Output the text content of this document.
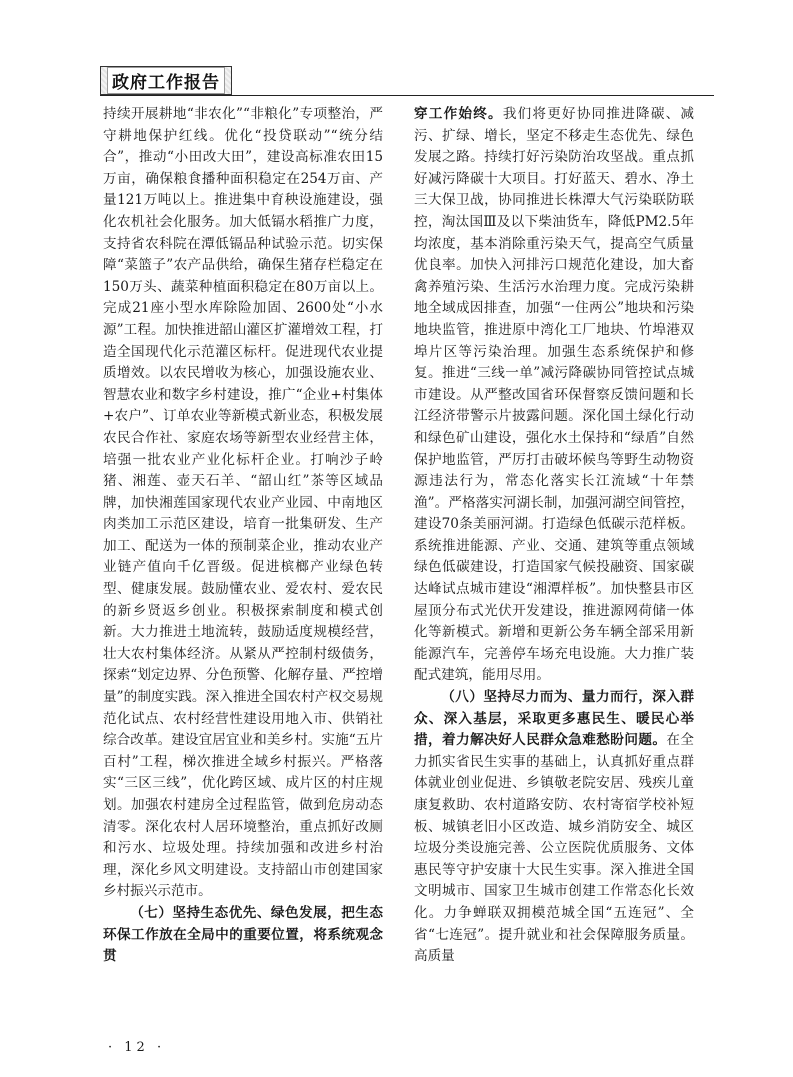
政府工作报告

持续开展耕地“非农化”“非粮化”专项整治，严守耕地保护红线。优化“投贷联动”“统分结合”，推动“小田改大田”，建设高标准农田15万亩，确保粮食播种面积稳定在254万亩、产量121万吨以上。推进集中育秧设施建设，强化农机社会化服务。加大低镉水稻推广力度，支持省农科院在潭低镉品种试验示范。切实保障“菜篮子”农产品供给，确保生猪存栏稳定在150万头、蔬菜种植面积稳定在80万亩以上。完成21座小型水库除险加固、2600处“小水源”工程。加快推进韶山灌区扩灌增效工程，打造全国现代化示范灌区标杆。促进现代农业提质增效。以农民增收为核心，加强设施农业、智慧农业和数字乡村建设，推广“企业+村集体+农户”、订单农业等新模式新业态，积极发展农民合作社、家庭农场等新型农业经营主体，培强一批农业产业化标杆企业。打响沙子岭猪、湘莲、壶天石羊、“韶山红”茶等区域品牌，加快湘莲国家现代农业产业园、中南地区肉类加工示范区建设，培育一批集研发、生产加工、配送为一体的预制菜企业，推动农业产业链产值向千亿晋级。促进槟榔产业绿色转型、健康发展。鼓励懂农业、爱农村、爱农民的新乡贤返乡创业。积极探索制度和模式创新。大力推进土地流转，鼓励适度规模经营，壮大农村集体经济。从紧从严控制村级债务，探索“划定边界、分色预警、化解存量、严控增量”的制度实践。深入推进全国农村产权交易规范化试点、农村经营性建设用地入市、供销社综合改革。建设宜居宜业和美乡村。实施“五片百村”工程，梯次推进全域乡村振兴。严格落实“三区三线”，优化跨区域、成片区的村庄规划。加强农村建房全过程监管，做到危房动态清零。深化农村人居环境整治，重点抓好改厕和污水、垃圾处理。持续加强和改进乡村治理，深化乡风文明建设。支持韶山市创建国家乡村振兴示范市。

（七）坚持生态优先、绿色发展，把生态环保工作放在全局中的重要位置，将系统观念贯

穿工作始终。我们将更好协同推进降碳、减污、扩绿、增长，坚定不移走生态优先、绿色发展之路。持续打好污染防治攻坚战。重点抓好减污降碳十大项目。打好蓝天、碧水、净土三大保卫战，协同推进长株潭大气污染联防联控，淘汰国Ⅲ及以下柴油货车，降低PM2.5年均浓度，基本消除重污染天气，提高空气质量优良率。加快入河排污口规范化建设，加大畜禽养殖污染、生活污水治理力度。完成污染耕地全域成因排查，加强“一住两公”地块和污染地块监管，推进原中湾化工厂地块、竹埠港双埠片区等污染治理。加强生态系统保护和修复。推进“三线一单”减污降碳协同管控试点城市建设。从严整改国省环保督察反馈问题和长江经济带警示片披露问题。深化国土绿化行动和绿色矿山建设，强化水土保持和“绿盾”自然保护地监管，严厉打击破坏候鸟等野生动物资源违法行为，常态化落实长江流域“十年禁渔”。严格落实河湖长制，加强河湖空间管控，建设70条美丽河湖。打造绿色低碳示范样板。系统推进能源、产业、交通、建筑等重点领域绿色低碳建设，打造国家气候投融资、国家碳达峰试点城市建设“湘潭样板”。加快整县市区屋顶分布式光伏开发建设，推进源网荷储一体化等新模式。新增和更新公务车辆全部采用新能源汽车，完善停车场充电设施。大力推广装配式建筑，能用尽用。

（八）坚持尽力而为、量力而行，深入群众、深入基层，采取更多惠民生、暖民心举措，着力解决好人民群众急难愁盼问题。在全力抓实省民生实事的基础上，认真抓好重点群体就业创业促进、乡镇敬老院安居、残疾儿童康复救助、农村道路安防、农村寄宿学校补短板、城镇老旧小区改造、城乡消防安全、城区垃圾分类设施完善、公立医院优质服务、文体惠民等守护安康十大民生实事。深入推进全国文明城市、国家卫生城市创建工作常态化长效化。力争蝉联双拥模范城全国“五连冠”、全省“七连冠”。提升就业和社会保障服务质量。高质量

· 12 ·
